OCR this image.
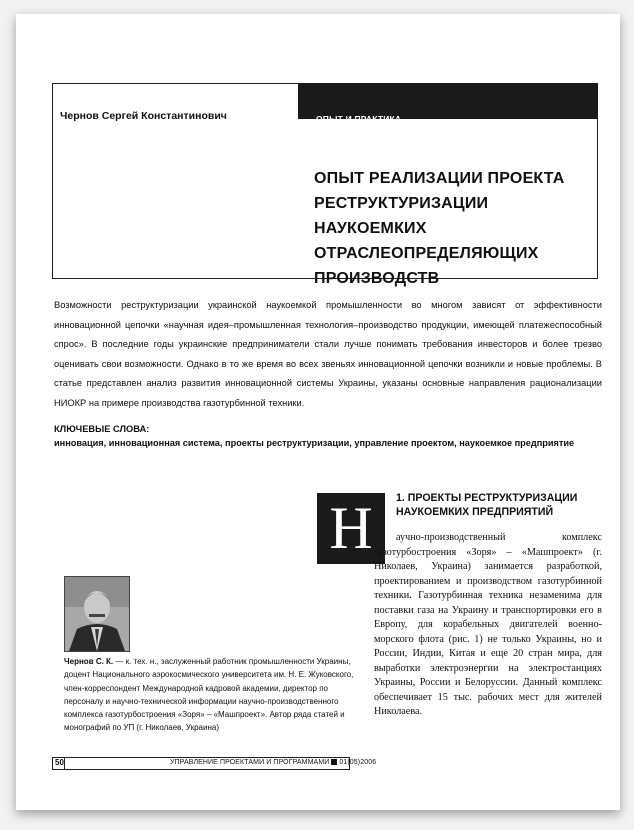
Чернов Сергей Константинович	ОПЫТ И ПРАКТИКА
ОПЫТ РЕАЛИЗАЦИИ ПРОЕКТА РЕСТРУКТУРИЗАЦИИ НАУКОЕМКИХ ОТРАСЛЕОПРЕДЕЛЯЮЩИХ ПРОИЗВОДСТВ

Возможности реструктуризации украинской наукоемкой промышленности во многом зависят от эффективности инновационной цепочки «научная идея–промышленная технология–производство продукции, имеющей платежеспособный спрос». В последние годы украинские предприниматели стали лучше понимать требования инвесторов и более трезво оценивать свои возможности. Однако в то же время во всех звеньях инновационной цепочки возникли и новые проблемы. В статье представлен анализ развития инновационной системы Украины, указаны основные направления рационализации НИОКР на примере производства газотурбинной техники.

КЛЮЧЕВЫЕ СЛОВА:
инновация, инновационная система, проекты реструктуризации, управление проектом, наукоемкое предприятие
Н	1. ПРОЕКТЫ РЕСТРУКТУРИЗАЦИИ НАУКОЕМКИХ ПРЕДПРИЯТИЙ
аучно-производственный комплекс газотурбостроения «Зоря» – «Машпроект» (г. Николаев, Украина) занимается разработкой, проектированием и производством газотурбинной техники. Газотурбинная техника незаменима для поставки газа на Украину и транспортировки его в Европу, для корабельных двигателей военно-морского флота (рис. 1) не только Украины, но и России, Индии, Китая и еще 20 стран мира, для выработки электроэнергии на электростанциях Украины, России и Белоруссии. Данный комплекс обеспечивает 15 тыс. рабочих мест для жителей Николаева.
Чернов С. К. — к. тех. н., заслуженный работник промышленности Украины, доцент Национального аэрокосмического университета им. Н. Е. Жуковского, член-корреспондент Международной кадровой академии, директор по персоналу и научно-технической информации научно-производственного комплекса газотурбостроения «Зоря» – «Машпроект». Автор ряда статей и монографий по УП (г. Николаев, Украина)
50	УПРАВЛЕНИЕ ПРОЕКТАМИ И ПРОГРАММАМИ 01(05)2006
